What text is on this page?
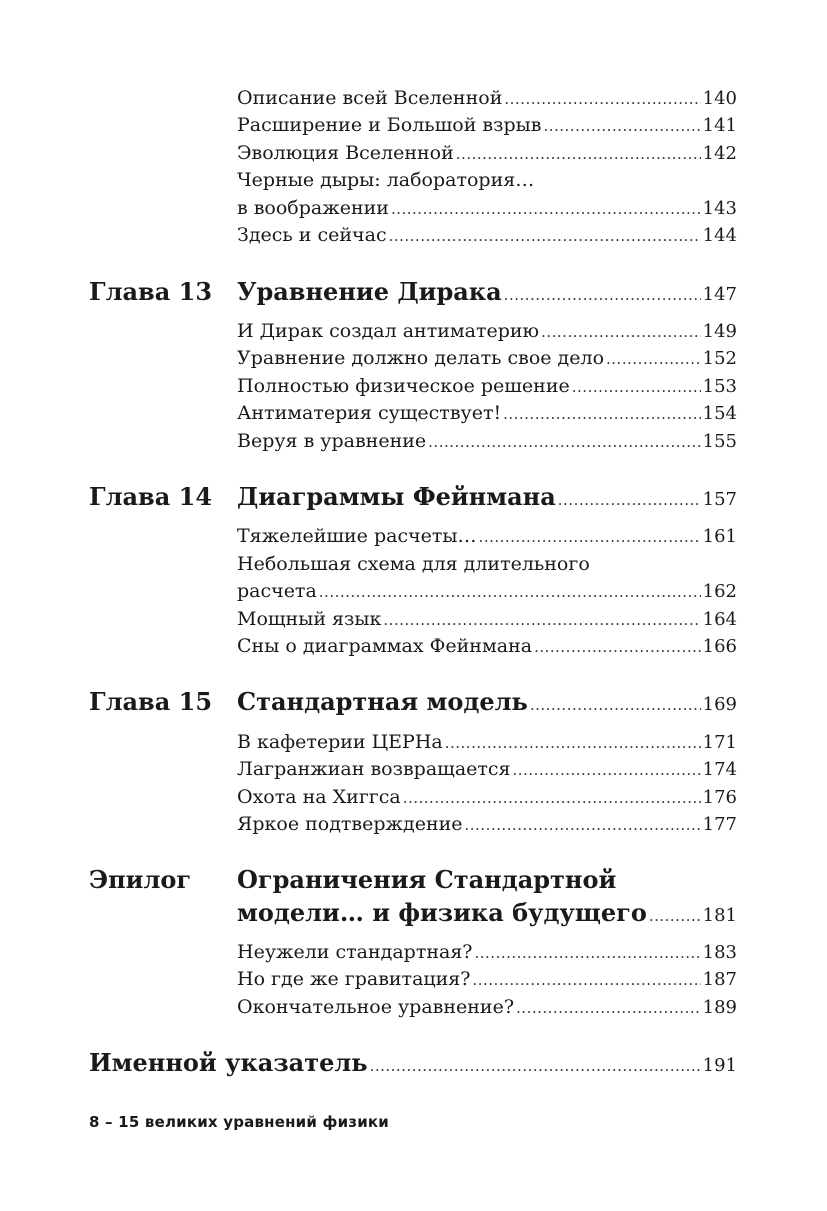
Описание всей Вселенной .....	140
Расширение и Большой взрыв .....	141
Эволюция Вселенной .....	142
Черные дыры: лаборатория…
в воображении .....	143
Здесь и сейчас .....	144
Глава 13	Уравнение Дирака .....	147
И Дирак создал антиматерию .....	149
Уравнение должно делать свое дело .....	152
Полностью физическое решение .....	153
Антиматерия существует! .....	154
Веруя в уравнение .....	155
Глава 14	Диаграммы Фейнмана .....	157
Тяжелейшие расчеты… .....	161
Небольшая схема для длительного
расчета .....	162
Мощный язык .....	164
Сны о диаграммах Фейнмана .....	166
Глава 15	Стандартная модель .....	169
В кафетерии ЦЕРНа .....	171
Лагранжиан возвращается .....	174
Охота на Хиггса .....	176
Яркое подтверждение .....	177
Эпилог	Ограничения Стандартной
модели… и физика будущего .....	181
Неужели стандартная? .....	183
Но где же гравитация? .....	187
Окончательное уравнение? .....	189
Именной указатель .....	191
8 – 15 великих уравнений физики
